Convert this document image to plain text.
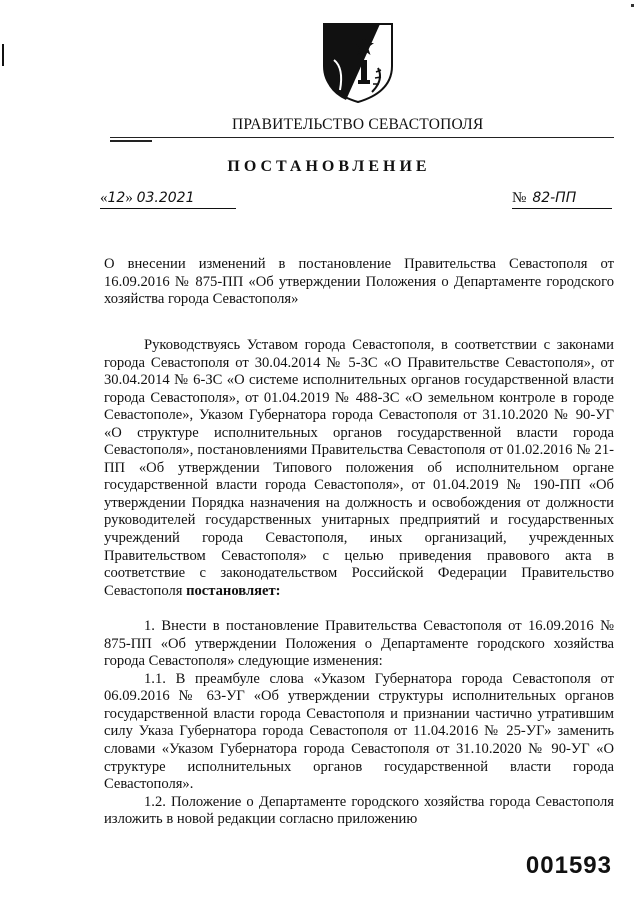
ПРАВИТЕЛЬСТВО СЕВАСТОПОЛЯ
ПОСТАНОВЛЕНИЕ
«12» 03.2021	№ 82-ПП
О внесении изменений в постановление Правительства Севастополя от 16.09.2016 № 875-ПП «Об утверждении Положения о Департаменте городского хозяйства города Севастополя»

Руководствуясь Уставом города Севастополя, в соответствии с законами города Севастополя от 30.04.2014 № 5-ЗС «О Правительстве Севастополя», от 30.04.2014 № 6-ЗС «О системе исполнительных органов государственной власти города Севастополя», от 01.04.2019 № 488-ЗС «О земельном контроле в городе Севастополе», Указом Губернатора города Севастополя от 31.10.2020 № 90-УГ «О структуре исполнительных органов государственной власти города Севастополя», постановлениями Правительства Севастополя от 01.02.2016 № 21-ПП «Об утверждении Типового положения об исполнительном органе государственной власти города Севастополя», от 01.04.2019 № 190-ПП «Об утверждении Порядка назначения на должность и освобождения от должности руководителей государственных унитарных предприятий и государственных учреждений города Севастополя, иных организаций, учрежденных Правительством Севастополя» с целью приведения правового акта в соответствие с законодательством Российской Федерации Правительство Севастополя постановляет:

1. Внести в постановление Правительства Севастополя от 16.09.2016 № 875-ПП «Об утверждении Положения о Департаменте городского хозяйства города Севастополя» следующие изменения:

1.1. В преамбуле слова «Указом Губернатора города Севастополя от 06.09.2016 № 63-УГ «Об утверждении структуры исполнительных органов государственной власти города Севастополя и признании частично утратившим силу Указа Губернатора города Севастополя от 11.04.2016 № 25-УГ» заменить словами «Указом Губернатора города Севастополя от 31.10.2020 № 90-УГ «О структуре исполнительных органов государственной власти города Севастополя».

1.2. Положение о Департаменте городского хозяйства города Севастополя изложить в новой редакции согласно приложению

001593
